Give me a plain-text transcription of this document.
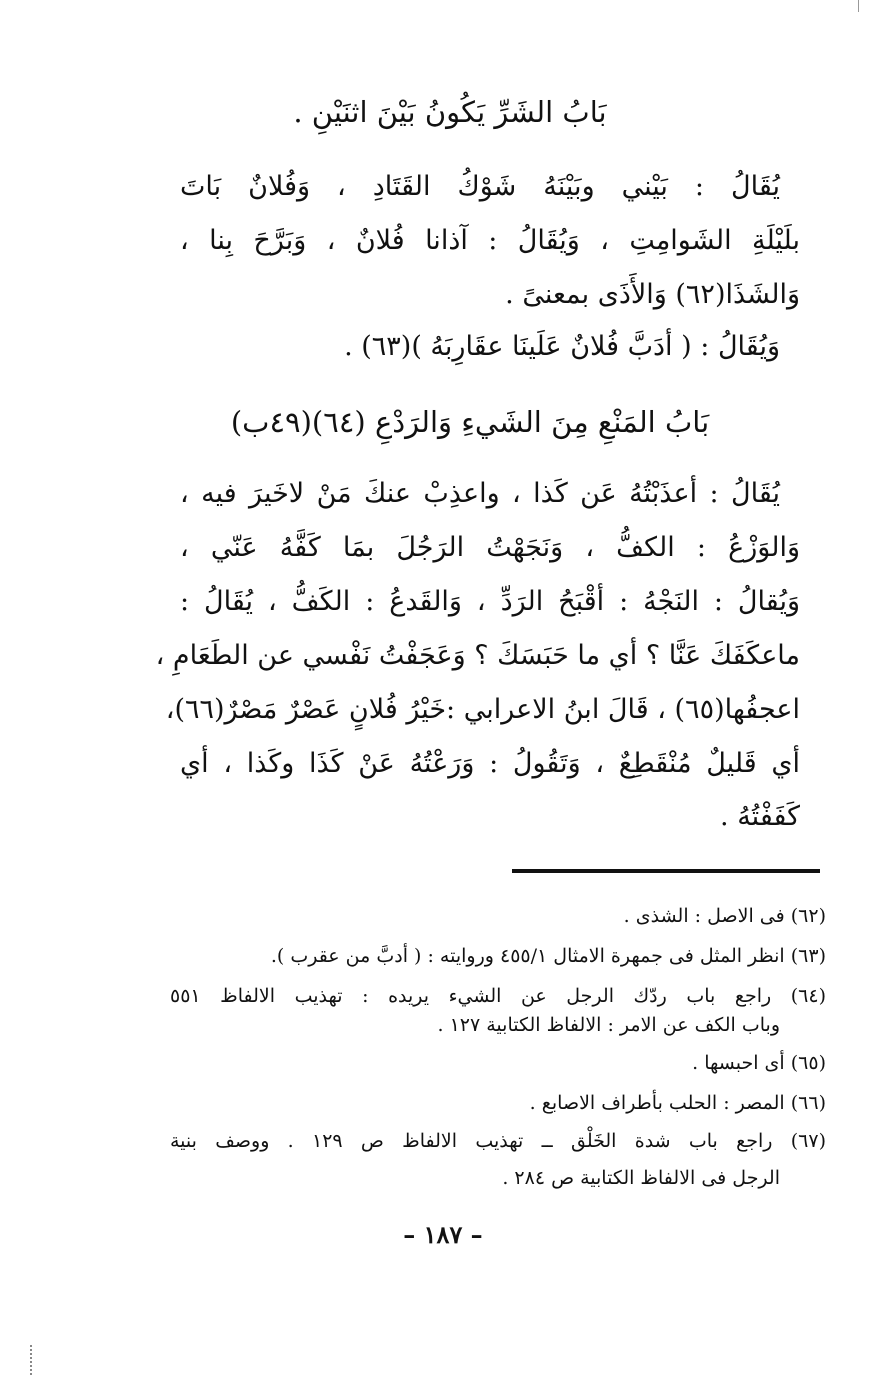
بَابُ الشَرِّ يَكُونُ بَيْنَ اثنَيْنِ .
يُقَالُ : بَيْني وبَيْنَهُ شَوْكُ القَتَادِ ، وَفُلانٌ بَاتَ
بلَيْلَةِ الشَوامِتِ ، وَيُقَالُ : آذانا فُلانٌ ، وَبَرَّحَ بِنا ،
وَالشَذَا(٦٢) وَالأَذَى بمعنىً .
وَيُقَالُ : ( أدَبَّ فُلانٌ عَلَينَا عقَارِبَهُ )(٦٣) .
بَابُ المَنْعِ مِنَ الشَيءِ وَالرَدْعِ (٦٤)(٤٩ب)
يُقَالُ : أعذَبْتُهُ عَن كَذا ، واعذِبْ عنكَ مَنْ لاخَيرَ فيه ،
وَالوَزْعُ : الكفُّ ، وَنَجَهْتُ الرَجُلَ بمَا كَفَّهُ عَنّي ،
وَيُقالُ : النَجْهُ : أقْبَحُ الرَدِّ ، وَالقَدعُ : الكَفُّ ، يُقَالُ :
ماعكَفَكَ عَنَّا ؟ أي ما حَبَسَكَ ؟ وَعَجَفْتُ نَفْسي عن الطَعَامِ ،
اعجفُها(٦٥) ، قَالَ ابنُ الاعرابي :خَيْرُ فُلانٍ عَصْرٌ مَصْرٌ(٦٦)،
أي قَليلٌ مُنْقَطِعٌ ، وَتَقُولُ : وَرَعْتُهُ عَنْ كَذَا وكَذا ، أي
كَفَفْتُهُ .
(٦٢) فى الاصل : الشذى .
(٦٣) انظر المثل فى جمهرة الامثال ٤٥٥/١ وروايته : ( أدبَّ من عقرب ).
(٦٤) راجع باب ردّك الرجل عن الشيء يريده : تهذيب الالفاظ ٥٥١
وباب الكف عن الامر : الالفاظ الكتابية ١٢٧ .
(٦٥) أى احبسها .
(٦٦) المصر : الحلب بأطراف الاصابع .
(٦٧) راجع باب شدة الخَلْق ــ تهذيب الالفاظ ص ١٢٩ . ووصف بنية
الرجل فى الالفاظ الكتابية ص ٢٨٤ .
– ١٨٧ –
